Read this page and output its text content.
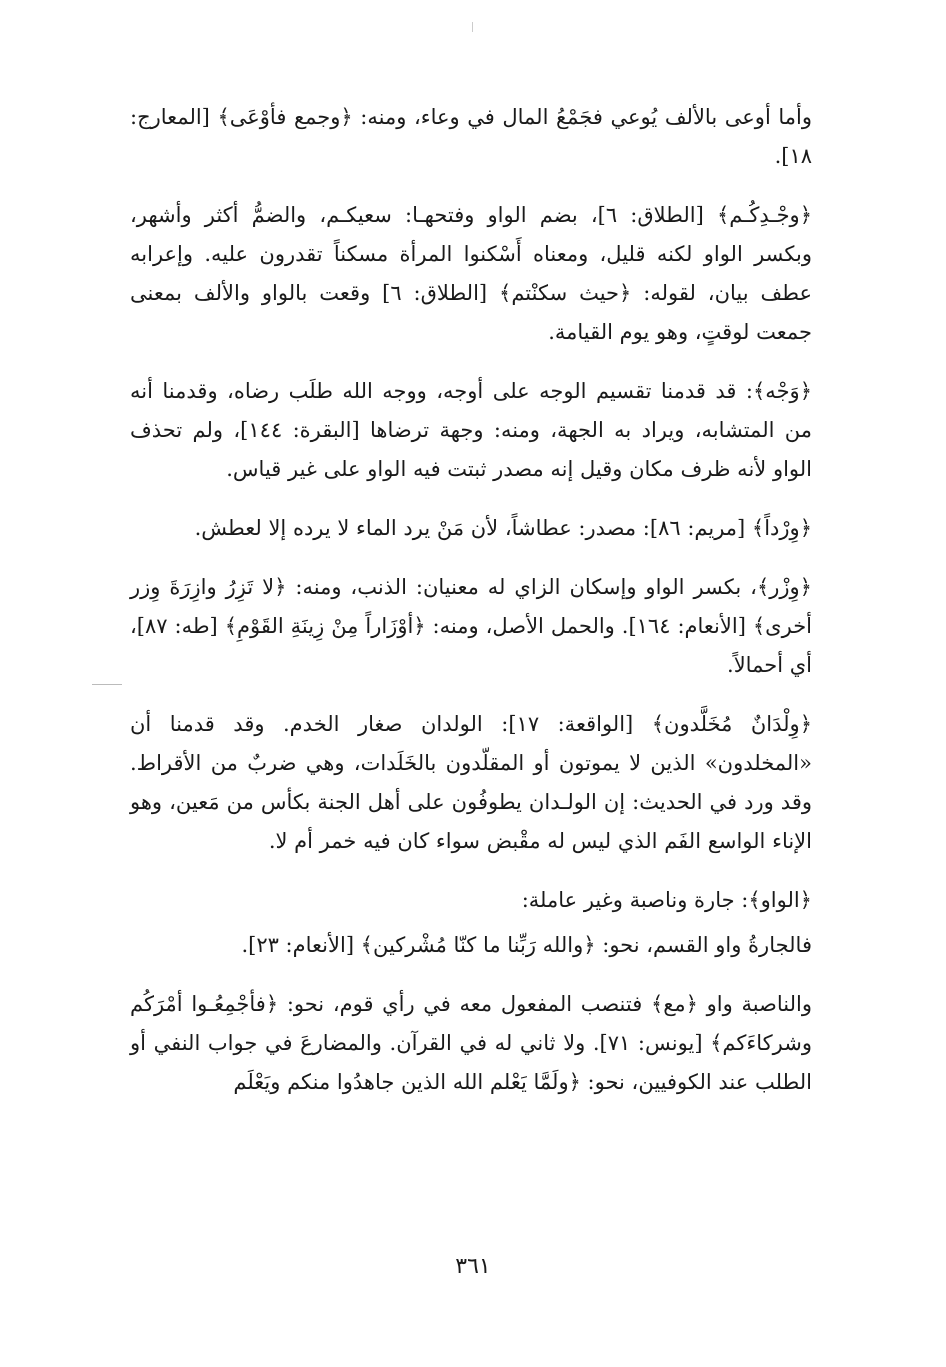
وأما أوعى بالألف يُوعي فجَمْعُ المال في وعاء، ومنه: ﴿وجمع فأوْعَى﴾ [المعارج: ١٨].

﴿وجْـدِكُـم﴾ [الطلاق: ٦]، بضم الواو وفتحهـا: سعيكـم، والضمُّ أكثر وأشهر، وبكسر الواو لكنه قليل، ومعناه أَسْكنوا المرأة مسكناً تقدرون عليه. وإعرابه عطف بيان، لقوله: ﴿حيث سكنْتم﴾ [الطلاق: ٦] وقعت بالواو والألف بمعنى جمعت لوقتٍ، وهو يوم القيامة.

﴿وَجْه﴾: قد قدمنا تقسيم الوجه على أوجه، ووجه الله طلَب رضاه، وقدمنا أنه من المتشابه، ويراد به الجهة، ومنه: وجهة ترضاها [البقرة: ١٤٤]، ولم تحذف الواو لأنه ظرف مكان وقيل إنه مصدر ثبتت فيه الواو على غير قياس.

﴿وِرْداً﴾ [مريم: ٨٦]: مصدر: عطاشاً، لأن مَنْ يرد الماء لا يرده إلا لعطش.

﴿وِزْر﴾، بكسر الواو وإسكان الزاي له معنيان: الذنب، ومنه: ﴿لا تَزِرُ وازِرَةَ وِزر أخرى﴾ [الأنعام: ١٦٤]. والحمل الأصل، ومنه: ﴿أوْزَاراً مِنْ زِينَةِ القَوْمِ﴾ [طه: ٨٧]، أي أحمالاً.

﴿وِلْدَانٌ مُخَلَّدون﴾ [الواقعة: ١٧]: الولدان صغار الخدم. وقد قدمنا أن «المخلدون» الذين لا يموتون أو المقلّدون بالخَلَدات، وهي ضربٌ من الأقراط. وقد ورد في الحديث: إن الولـدان يطوفُون على أهل الجنة بكأس من مَعين، وهو الإناء الواسع الفَم الذي ليس له مقْبض سواء كان فيه خمر أم لا.

﴿الواو﴾: جارة وناصبة وغير عاملة:

فالجارةُ واو القسم، نحو: ﴿والله رَبِّنا ما كنّا مُشْركين﴾ [الأنعام: ٢٣].

والناصبة واو ﴿مع﴾ فتنصب المفعول معه في رأي قوم، نحو: ﴿فأجْمِعُـوا أمْرَكُم وشركاءَكم﴾ [يونس: ٧١]. ولا ثاني له في القرآن. والمضارعَ في جواب النفي أو الطلب عند الكوفيين، نحو: ﴿ولَمَّا يَعْلم الله الذين جاهدُوا منكم ويَعْلَم

٣٦١
